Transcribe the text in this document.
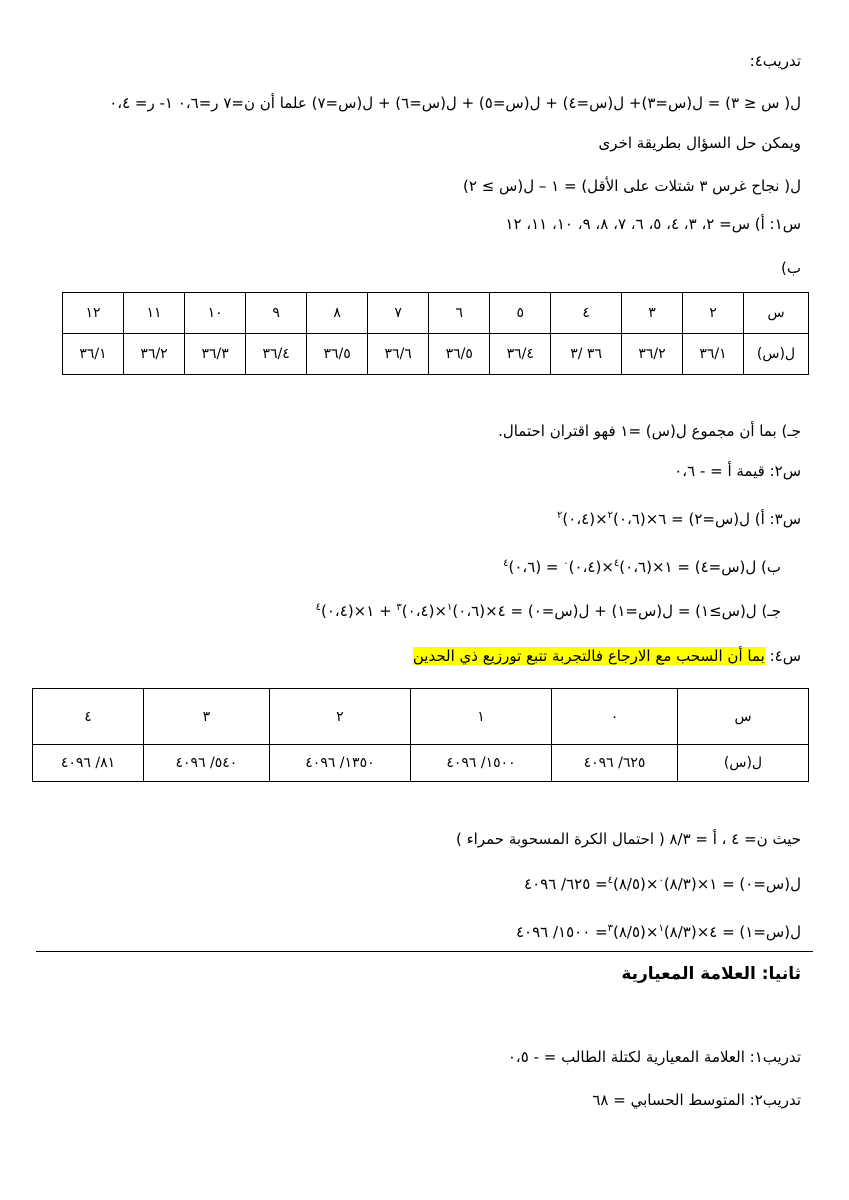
تدريب٤:
ل( س ≤ ٣) = ل(س=٣)+ ل(س=٤) + ل(س=٥) + ل(س=٦) + ل(س=٧) علما أن ن=٧ ر=٠،٦ ١- ر= ٠،٤
ويمكن حل السؤال بطريقة اخرى
ل( نجاح غرس ٣ شتلات على الأقل) = ١ – ل(س ≥ ٢)
س١: أ) س= ٢، ٣، ٤، ٥، ٦، ٧، ٨، ٩، ١٠، ١١، ١٢
ب)
س	٢	٣	٤	٥	٦	٧	٨	٩	١٠	١١	١٢
ل(س)	٣٦/١	٣٦/٢	٣٦ /٣	٣٦/٤	٣٦/٥	٣٦/٦	٣٦/٥	٣٦/٤	٣٦/٣	٣٦/٢	٣٦/١
جـ) بما أن مجموع ل(س) =١ فهو اقتران احتمال.
س٢: قيمة أ = - ٠،٦
س٣: أ) ل(س=٢) = ٦×(٠،٦)$^٢$×(٠،٤)$^٢$
ب) ل(س=٤) = ١×(٠،٦)$^٤$×(٠،٤)$^٠$ = (٠،٦)$^٤$
جـ) ل(س≥١) = ل(س=١) + ل(س=٠) = ٤×(٠،٦)$^١$×(٠،٤)$^٣$ + ١×(٠،٤)$^٤$
س٤: بما أن السحب مع الارجاع فالتجربة تتبع تورزيع ذي الحدين
س	٠	١	٢	٣	٤
ل(س)	٦٢٥/ ٤٠٩٦	١٥٠٠/ ٤٠٩٦	١٣٥٠/ ٤٠٩٦	٥٤٠/ ٤٠٩٦	٨١/ ٤٠٩٦
حيث ن= ٤ ، أ = ٨/٣ ( احتمال الكرة المسحوبة حمراء )
ل(س=٠) = ١×(٨/٣)$^٠$×(٨/٥)$^٤$= ٦٢٥/ ٤٠٩٦
ل(س=١) = ٤×(٨/٣)$^١$×(٨/٥)$^٣$= ١٥٠٠/ ٤٠٩٦
ثانيا: العلامة المعيارية
تدريب١: العلامة المعيارية لكتلة الطالب = - ٠،٥
تدريب٢: المتوسط الحسابي = ٦٨
